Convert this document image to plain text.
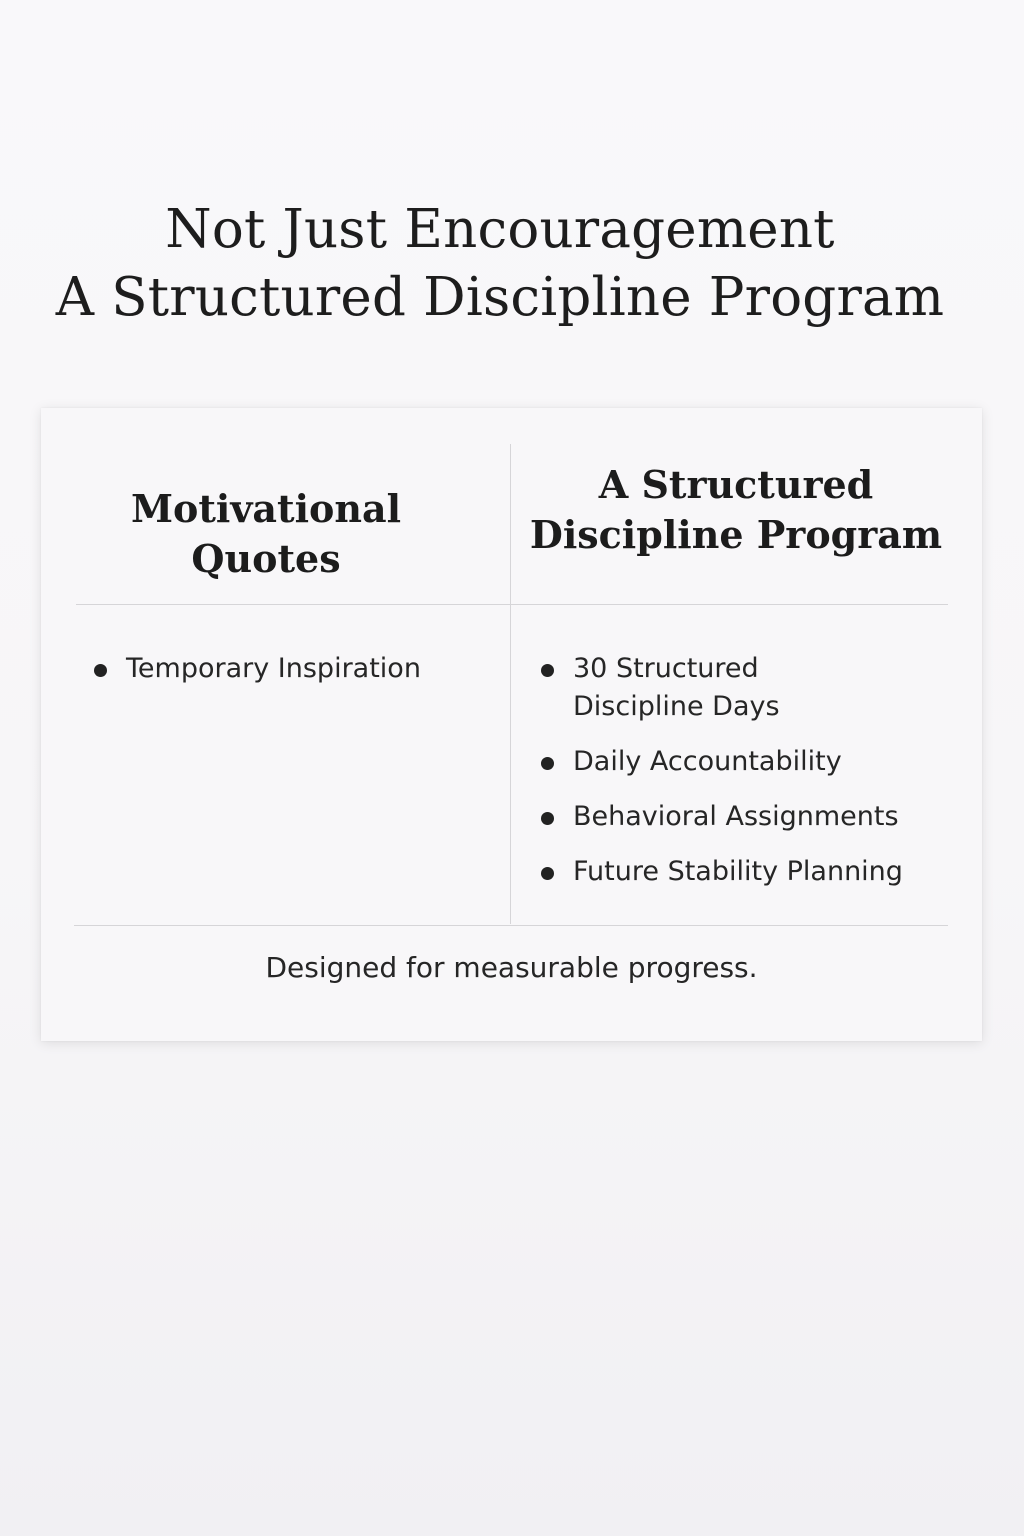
Not Just Encouragement
A Structured Discipline Program
Motivational
Quotes
A Structured
Discipline Program
Temporary Inspiration	30 Structured Discipline Days
Daily Accountability
Behavioral Assignments
Future Stability Planning

Designed for measurable progress.
